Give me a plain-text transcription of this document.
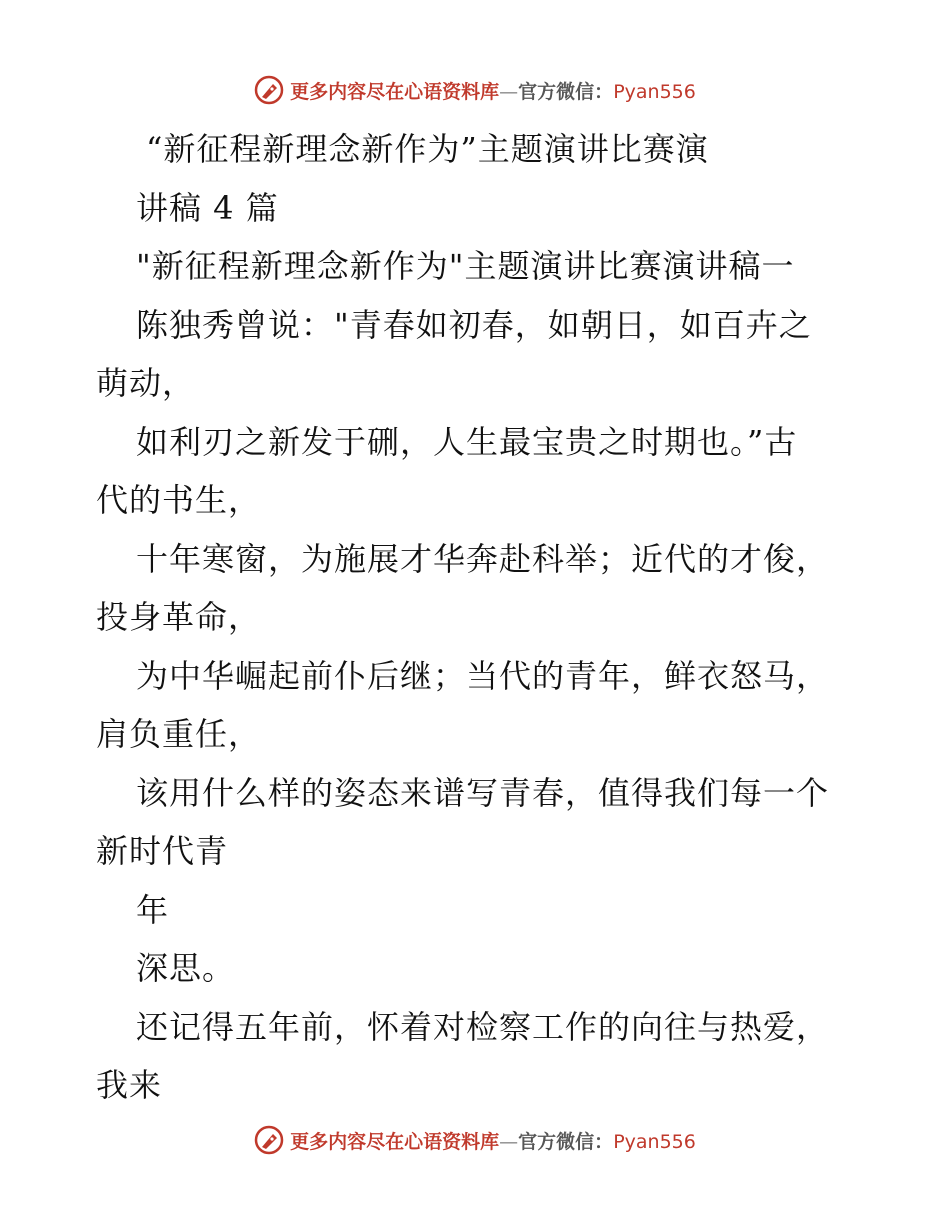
更多内容尽在心语资料库—官方微信：Pyan556
“新征程新理念新作为”主题演讲比赛演
讲稿 4 篇
"新征程新理念新作为"主题演讲比赛演讲稿一
陈独秀曾说："青春如初春，如朝日，如百卉之
萌动，
如利刃之新发于硎，人生最宝贵之时期也。”古
代的书生，
十年寒窗，为施展才华奔赴科举；近代的才俊，
投身革命，
为中华崛起前仆后继；当代的青年，鲜衣怒马，
肩负重任，
该用什么样的姿态来谱写青春，值得我们每一个
新时代青
年
深思。
还记得五年前，怀着对检察工作的向往与热爱，
我来
更多内容尽在心语资料库—官方微信：Pyan556
